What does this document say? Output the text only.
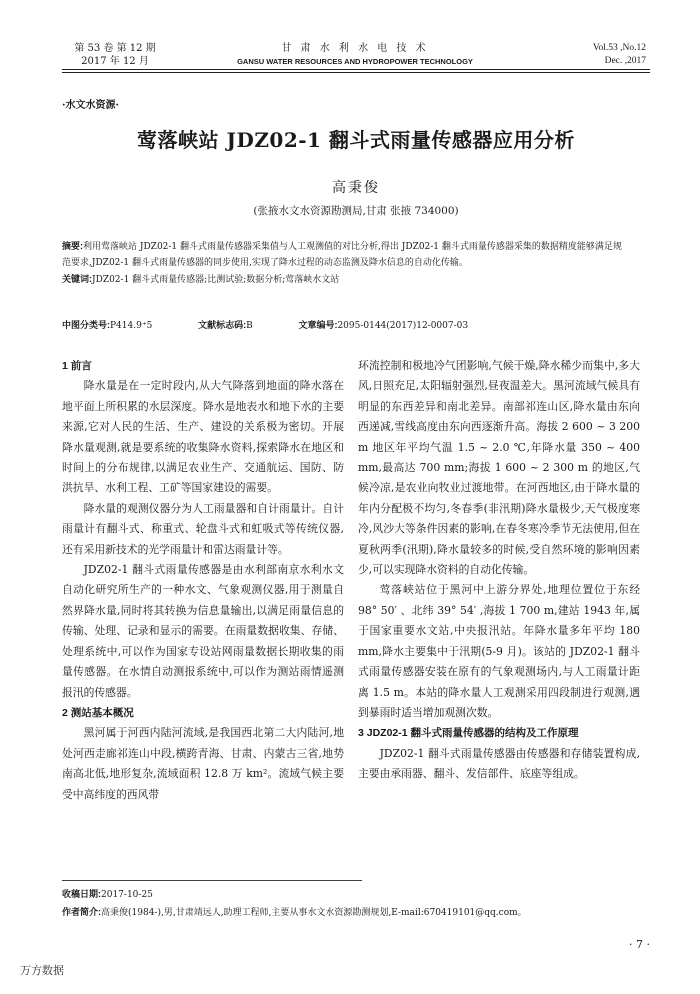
第 53 卷 第 12 期
2017 年 12 月
甘 肃 水 利 水 电 技 术
GANSU WATER RESOURCES AND HYDROPOWER TECHNOLOGY
Vol.53 ,No.12
Dec. ,2017
·水文水资源·
莺落峡站 JDZ02-1 翻斗式雨量传感器应用分析
高秉俊
(张掖水文水资源勘测局,甘肃 张掖 734000)
摘要:利用莺落峡站 JDZ02-1 翻斗式雨量传感器采集值与人工观测值的对比分析,得出 JDZ02-1 翻斗式雨量传感器采集的数据精度能够满足规范要求,JDZ02-1 翻斗式雨量传感器的同步使用,实现了降水过程的动态监测及降水信息的自动化传输。
关键词:JDZ02-1 翻斗式雨量传感器;比测试验;数据分析;莺落峡水文站
中图分类号:P414.9⁺5	文献标志码:B	文章编号:2095-0144(2017)12-0007-03

1 前言

降水量是在一定时段内,从大气降落到地面的降水落在地平面上所积累的水层深度。降水是地表水和地下水的主要来源,它对人民的生活、生产、建设的关系极为密切。开展降水量观测,就是要系统的收集降水资料,探索降水在地区和时间上的分布规律,以满足农业生产、交通航运、国防、防洪抗旱、水利工程、工矿等国家建设的需要。

降水量的观测仪器分为人工雨量器和自计雨量计。自计雨量计有翻斗式、称重式、轮盘斗式和虹吸式等传统仪器,还有采用新技术的光学雨量计和雷达雨量计等。

JDZ02-1 翻斗式雨量传感器是由水利部南京水利水文自动化研究所生产的一种水文、气象观测仪器,用于测量自然界降水量,同时将其转换为信息量输出,以满足雨量信息的传输、处理、记录和显示的需要。在雨量数据收集、存储、处理系统中,可以作为国家专设站网雨量数据长期收集的雨量传感器。在水情自动测报系统中,可以作为测站雨情遥测报汛的传感器。

2 测站基本概况

黑河属于河西内陆河流域,是我国西北第二大内陆河,地处河西走廊祁连山中段,横跨青海、甘肃、内蒙古三省,地势南高北低,地形复杂,流域面积 12.8 万 km²。流域气候主要受中高纬度的西风带

环流控制和极地冷气团影响,气候干燥,降水稀少而集中,多大风,日照充足,太阳辐射强烈,昼夜温差大。黑河流域气候具有明显的东西差异和南北差异。南部祁连山区,降水量由东向西递减,雪线高度由东向西逐渐升高。海拔 2 600 ~ 3 200 m 地区年平均气温 1.5 ~ 2.0 ℃,年降水量 350 ~ 400 mm,最高达 700 mm;海拔 1 600 ~ 2 300 m 的地区,气候冷凉,是农业向牧业过渡地带。在河西地区,由于降水量的年内分配极不均匀,冬春季(非汛期)降水量极少,天气极度寒冷,风沙大等条件因素的影响,在春冬寒冷季节无法使用,但在夏秋两季(汛期),降水量较多的时候,受自然环境的影响因素少,可以实现降水资料的自动化传输。

莺落峡站位于黑河中上游分界处,地理位置位于东经 98° 50′ 、北纬 39° 54′ ,海拔 1 700 m,建站 1943 年,属于国家重要水文站,中央报汛站。年降水量多年平均 180 mm,降水主要集中于汛期(5-9 月)。该站的 JDZ02-1 翻斗式雨量传感器安装在原有的气象观测场内,与人工雨量计距离 1.5 m。本站的降水量人工观测采用四段制进行观测,遇到暴雨时适当增加观测次数。

3 JDZ02-1 翻斗式雨量传感器的结构及工作原理

JDZ02-1 翻斗式雨量传感器由传感器和存储装置构成,主要由承雨器、翻斗、发信部件、底座等组成。

收稿日期:2017-10-25
作者简介:高秉俊(1984-),男,甘肃靖远人,助理工程师,主要从事水文水资源勘测规划,E-mail:670419101@qq.com。
· 7 ·
万方数据
